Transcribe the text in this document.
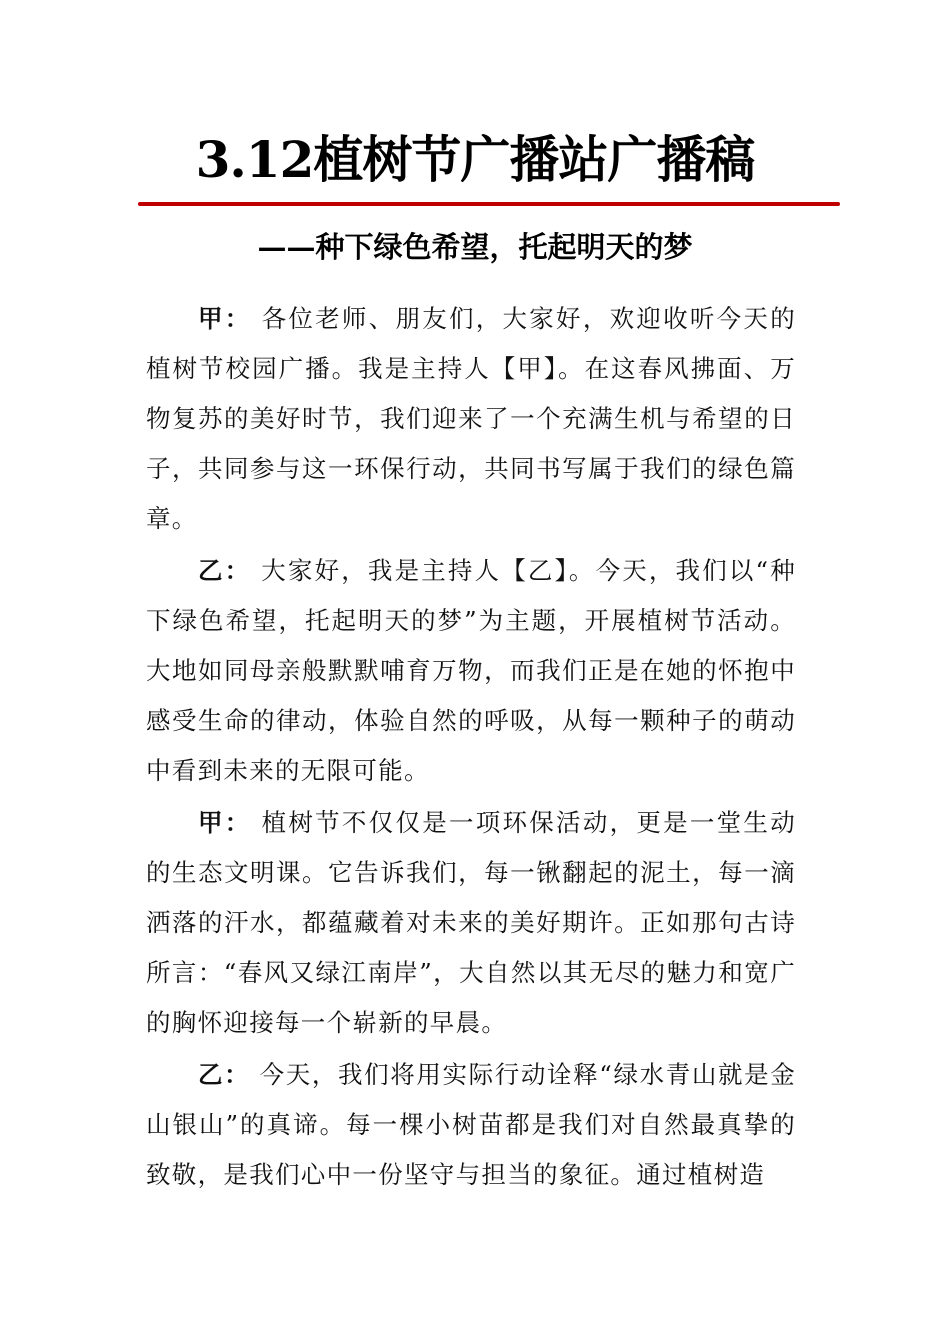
3.12植树节广播站广播稿
——种下绿色希望，托起明天的梦

甲： 各位老师、朋友们，大家好，欢迎收听今天的植树节校园广播。我是主持人【甲】。在这春风拂面、万物复苏的美好时节，我们迎来了一个充满生机与希望的日子，共同参与这一环保行动，共同书写属于我们的绿色篇章。

乙： 大家好，我是主持人【乙】。今天，我们以“种下绿色希望，托起明天的梦”为主题，开展植树节活动。大地如同母亲般默默哺育万物，而我们正是在她的怀抱中感受生命的律动，体验自然的呼吸，从每一颗种子的萌动中看到未来的无限可能。

甲： 植树节不仅仅是一项环保活动，更是一堂生动的生态文明课。它告诉我们，每一锹翻起的泥土，每一滴洒落的汗水，都蕴藏着对未来的美好期许。正如那句古诗所言：“春风又绿江南岸”，大自然以其无尽的魅力和宽广的胸怀迎接每一个崭新的早晨。

乙： 今天，我们将用实际行动诠释“绿水青山就是金山银山”的真谛。每一棵小树苗都是我们对自然最真挚的致敬，是我们心中一份坚守与担当的象征。通过植树造
